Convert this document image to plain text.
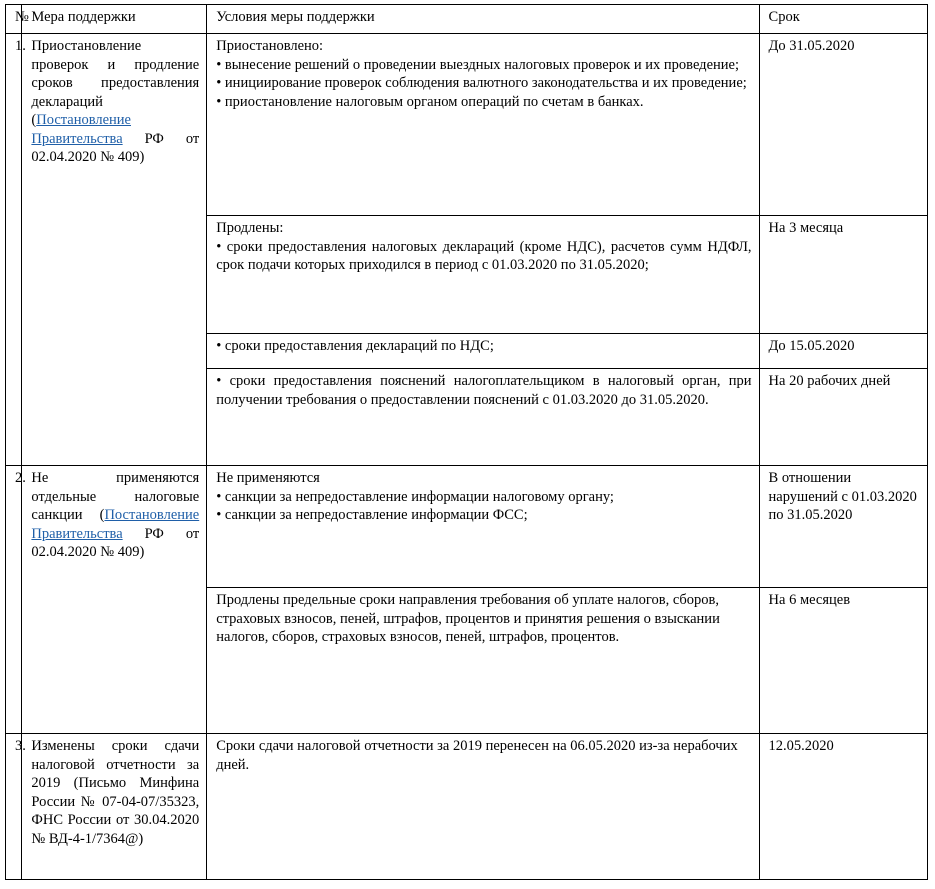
№	Мера поддержки	Условия меры поддержки	Срок
1.	Приостановление проверок и продление сроков предоставления деклараций (Постановление Правительства РФ от 02.04.2020 № 409)	Приостановлено:

• вынесение решений о проведении выездных налоговых проверок и их проведение;

• инициирование проверок соблюдения валютного законодательства и их проведение;

• приостановление налоговым органом операций по счетам в банках.	До 31.05.2020

		Продлены:

• сроки предоставления налоговых деклараций (кроме НДС), расчетов сумм НДФЛ, срок подачи которых приходился в период с 01.03.2020 по 31.05.2020;	На 3 месяца

		• сроки предоставления деклараций по НДС;	До 15.05.2020

		• сроки предоставления пояснений налогоплательщиком в налоговый орган, при получении требования о предоставлении пояснений с 01.03.2020 до 31.05.2020.	На 20 рабочих дней
2.	Не применяются отдельные налоговые санкции (Постановление Правительства РФ от 02.04.2020 № 409)	Не применяются

• санкции за непредоставление информации налоговому органу;

• санкции за непредоставление информации ФСС;	В отношении нарушений с 01.03.2020 по 31.05.2020
		Продлены предельные сроки направления требования об уплате налогов, сборов, страховых взносов, пеней, штрафов, процентов и принятия решения о взыскании налогов, сборов, страховых взносов, пеней, штрафов, процентов.	На 6 месяцев
3.	Изменены сроки сдачи налоговой отчетности за 2019 (Письмо Минфина России № 07-04-07/35323, ФНС России от 30.04.2020 № ВД-4-1/7364@)	Сроки сдачи налоговой отчетности за 2019 перенесен на 06.05.2020 из-за нерабочих дней.	12.05.2020
